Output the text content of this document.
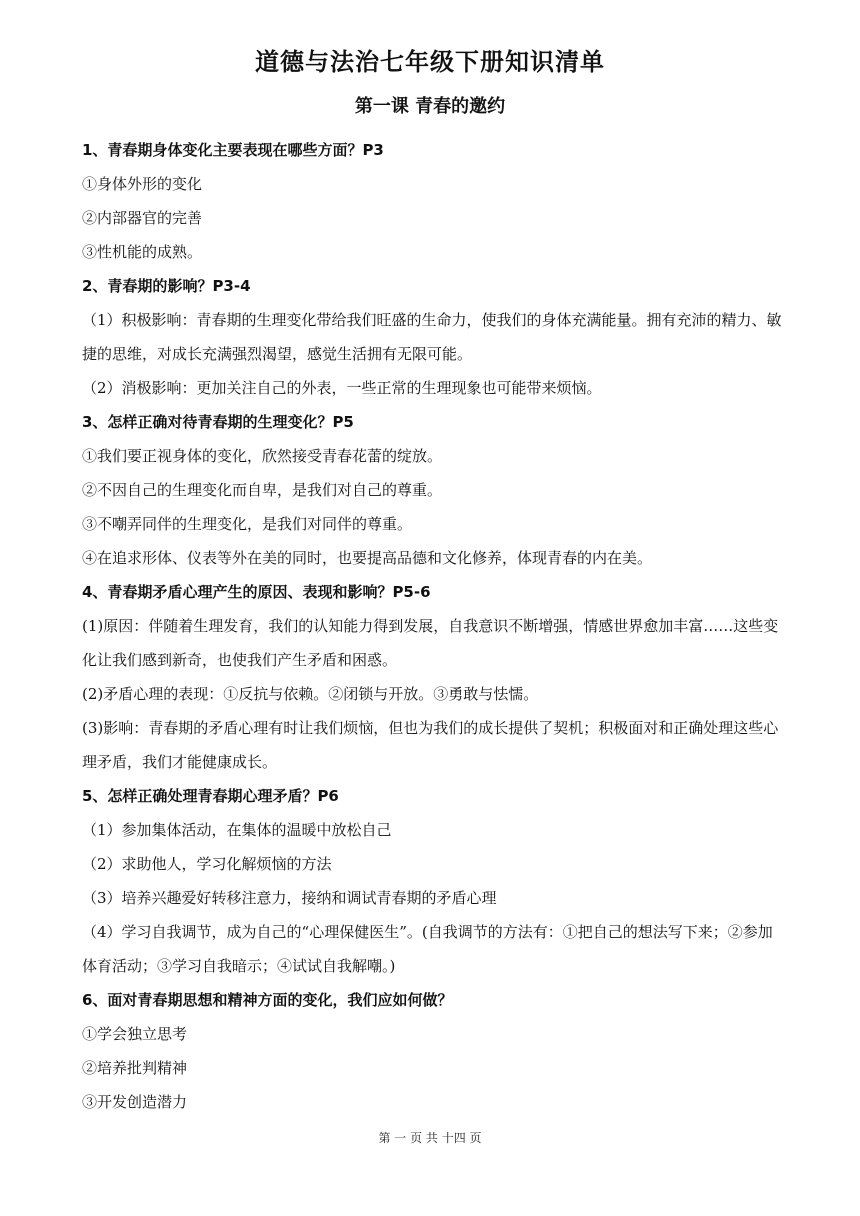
道德与法治七年级下册知识清单
第一课 青春的邀约

1、青春期身体变化主要表现在哪些方面？P3

①身体外形的变化

②内部器官的完善

③性机能的成熟。

2、青春期的影响？P3-4

（1）积极影响：青春期的生理变化带给我们旺盛的生命力，使我们的身体充满能量。拥有充沛的精力、敏捷的思维，对成长充满强烈渴望，感觉生活拥有无限可能。

（2）消极影响：更加关注自己的外表，一些正常的生理现象也可能带来烦恼。

3、怎样正确对待青春期的生理变化？P5

①我们要正视身体的变化，欣然接受青春花蕾的绽放。

②不因自己的生理变化而自卑，是我们对自己的尊重。

③不嘲弄同伴的生理变化，是我们对同伴的尊重。

④在追求形体、仪表等外在美的同时，也要提高品德和文化修养，体现青春的内在美。

4、青春期矛盾心理产生的原因、表现和影响？P5-6

(1)原因：伴随着生理发育，我们的认知能力得到发展，自我意识不断增强，情感世界愈加丰富……这些变化让我们感到新奇，也使我们产生矛盾和困惑。

(2)矛盾心理的表现：①反抗与依赖。②闭锁与开放。③勇敢与怯懦。

(3)影响：青春期的矛盾心理有时让我们烦恼，但也为我们的成长提供了契机；积极面对和正确处理这些心理矛盾，我们才能健康成长。

5、怎样正确处理青春期心理矛盾？P6

（1）参加集体活动，在集体的温暖中放松自己

（2）求助他人，学习化解烦恼的方法

（3）培养兴趣爱好转移注意力，接纳和调试青春期的矛盾心理

（4）学习自我调节，成为自己的“心理保健医生”。(自我调节的方法有：①把自己的想法写下来；②参加体育活动；③学习自我暗示；④试试自我解嘲。)

6、面对青春期思想和精神方面的变化，我们应如何做？

①学会独立思考

②培养批判精神

③开发创造潜力

第 一 页 共 十四 页
